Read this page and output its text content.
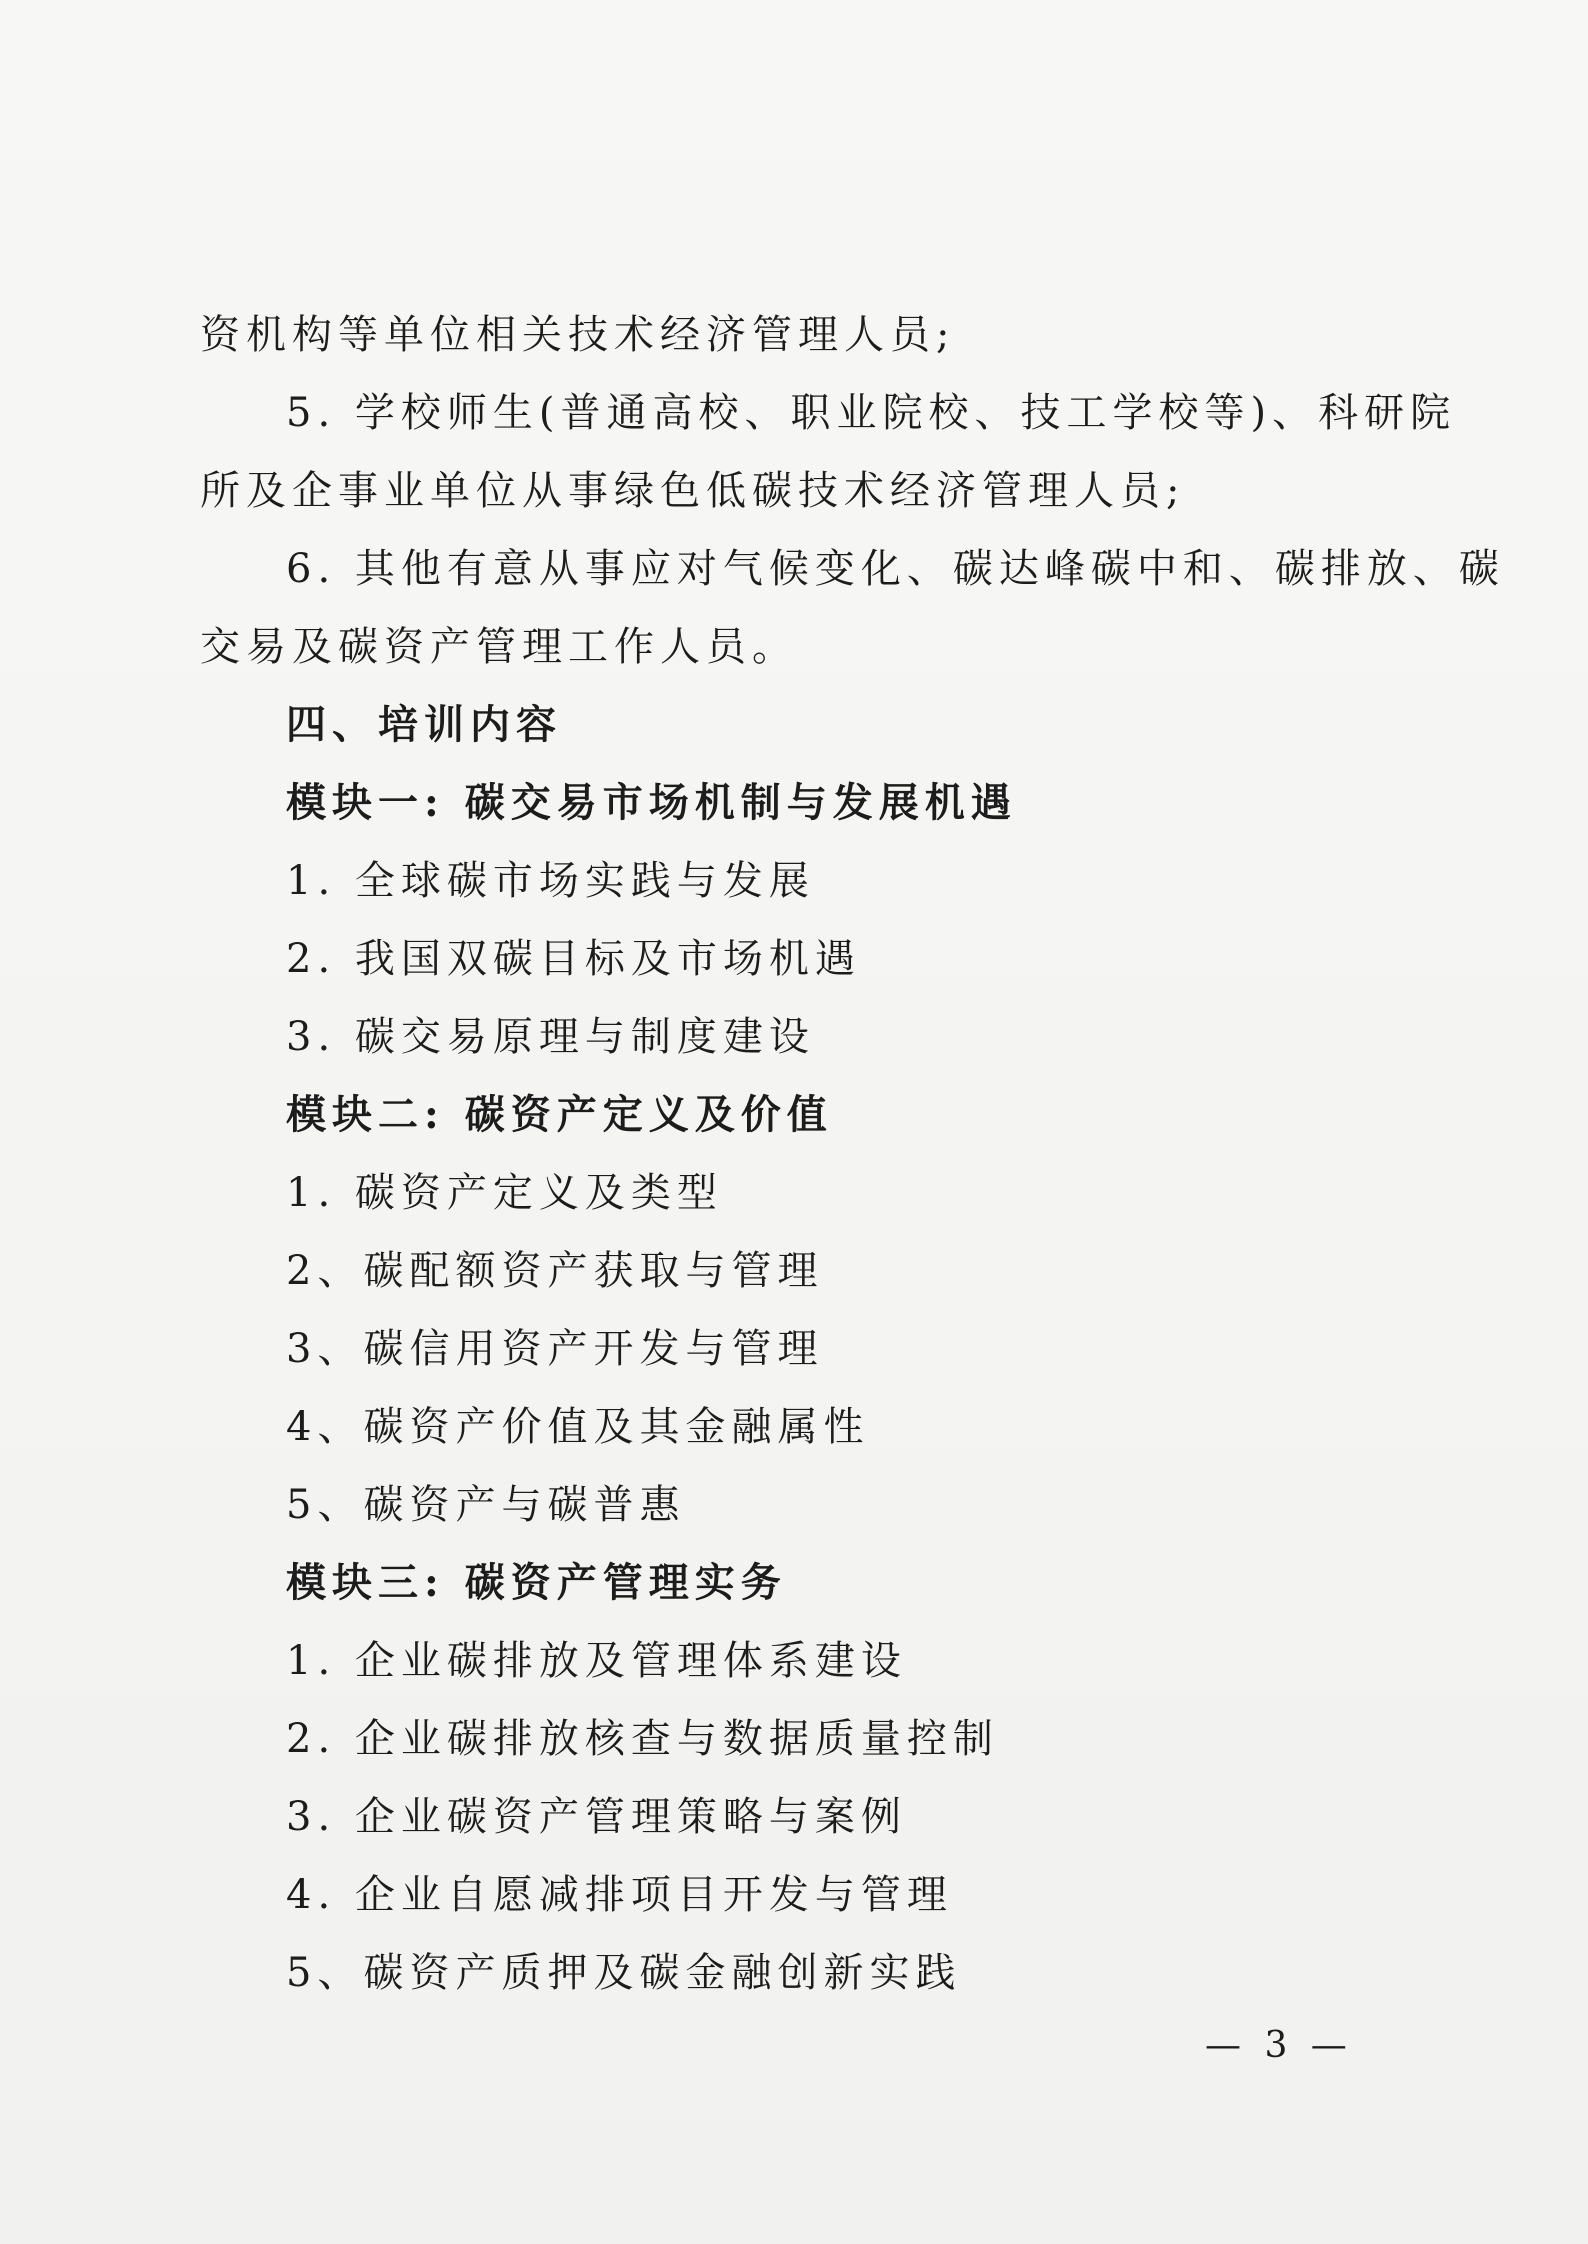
资机构等单位相关技术经济管理人员;
5. 学校师生(普通高校、职业院校、技工学校等)、科研院
所及企事业单位从事绿色低碳技术经济管理人员;
6. 其他有意从事应对气候变化、碳达峰碳中和、碳排放、碳
交易及碳资产管理工作人员。
四、培训内容
模块一: 碳交易市场机制与发展机遇
1. 全球碳市场实践与发展
2. 我国双碳目标及市场机遇
3. 碳交易原理与制度建设
模块二: 碳资产定义及价值
1. 碳资产定义及类型
2、碳配额资产获取与管理
3、碳信用资产开发与管理
4、碳资产价值及其金融属性
5、碳资产与碳普惠
模块三: 碳资产管理实务
1. 企业碳排放及管理体系建设
2. 企业碳排放核查与数据质量控制
3. 企业碳资产管理策略与案例
4. 企业自愿减排项目开发与管理
5、碳资产质押及碳金融创新实践
— 3 —
